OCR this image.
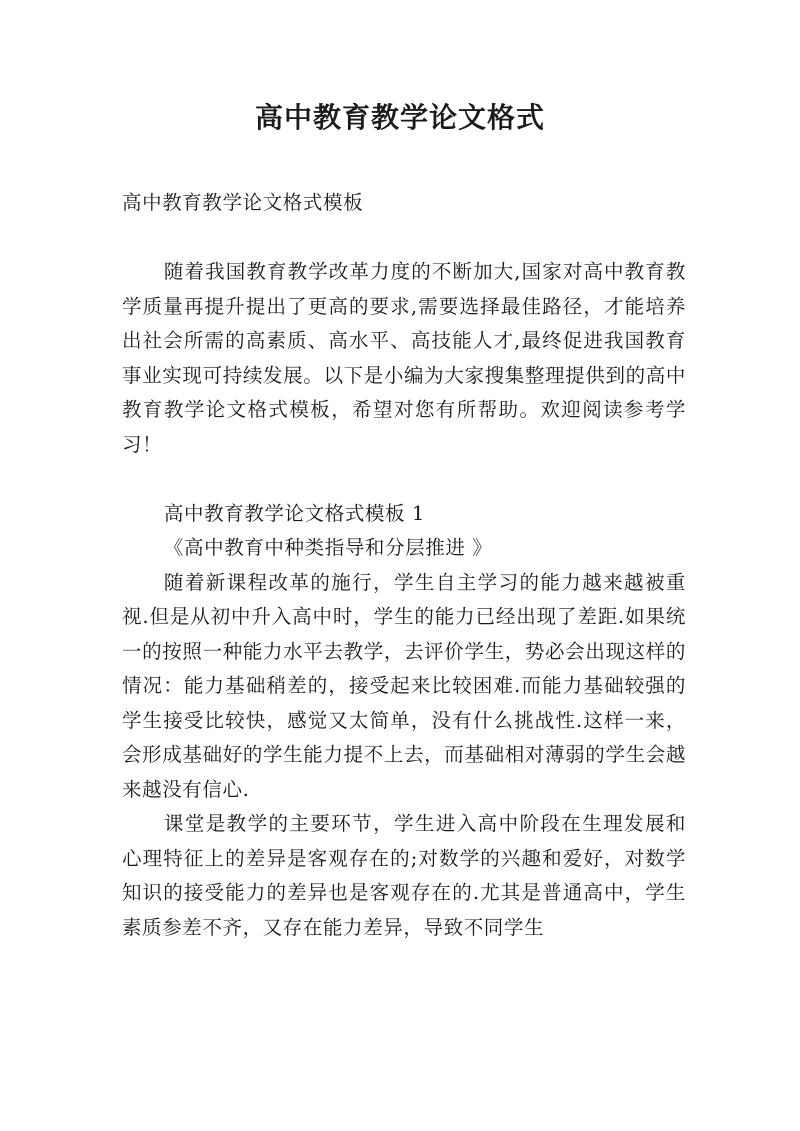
高中教育教学论文格式

高中教育教学论文格式模板

随着我国教育教学改革力度的不断加大,国家对高中教育教学质量再提升提出了更高的要求,需要选择最佳路径，才能培养出社会所需的高素质、高水平、高技能人才,最终促进我国教育事业实现可持续发展。以下是小编为大家搜集整理提供到的高中教育教学论文格式模板，希望对您有所帮助。欢迎阅读参考学习！

高中教育教学论文格式模板 1

《高中教育中种类指导和分层推进 》

随着新课程改革的施行，学生自主学习的能力越来越被重视.但是从初中升入高中时，学生的能力已经出现了差距.如果统一的按照一种能力水平去教学，去评价学生，势必会出现这样的情况：能力基础稍差的，接受起来比较困难.而能力基础较强的学生接受比较快，感觉又太简单，没有什么挑战性.这样一来，会形成基础好的学生能力提不上去，而基础相对薄弱的学生会越来越没有信心.

课堂是教学的主要环节，学生进入高中阶段在生理发展和心理特征上的差异是客观存在的;对数学的兴趣和爱好，对数学知识的接受能力的差异也是客观存在的.尤其是普通高中，学生素质参差不齐，又存在能力差异，导致不同学生
